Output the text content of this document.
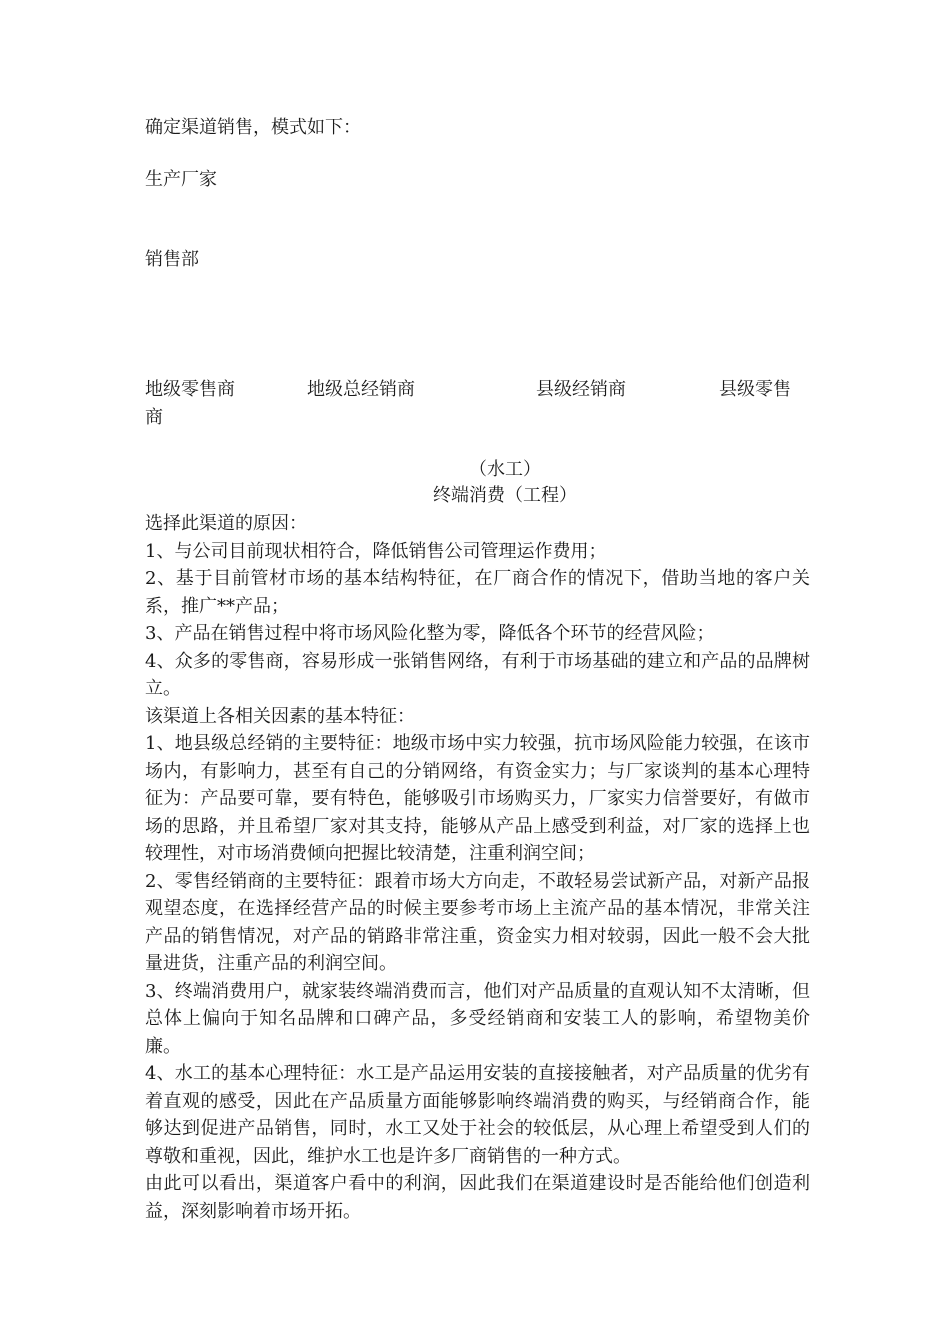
确定渠道销售，模式如下：
生产厂家
销售部
地级零售商	地级总经销商	县级经销商	县级零售
商
（水工）
终端消费（工程）

选择此渠道的原因：

1、与公司目前现状相符合，降低销售公司管理运作费用；

2、基于目前管材市场的基本结构特征，在厂商合作的情况下，借助当地的客户关系，推广**产品；

3、产品在销售过程中将市场风险化整为零，降低各个环节的经营风险；

4、众多的零售商，容易形成一张销售网络，有利于市场基础的建立和产品的品牌树立。

该渠道上各相关因素的基本特征：

1、地县级总经销的主要特征：地级市场中实力较强，抗市场风险能力较强，在该市场内，有影响力，甚至有自己的分销网络，有资金实力；与厂家谈判的基本心理特征为：产品要可靠，要有特色，能够吸引市场购买力，厂家实力信誉要好，有做市场的思路，并且希望厂家对其支持，能够从产品上感受到利益，对厂家的选择上也较理性，对市场消费倾向把握比较清楚，注重利润空间；

2、零售经销商的主要特征：跟着市场大方向走，不敢轻易尝试新产品，对新产品报观望态度，在选择经营产品的时候主要参考市场上主流产品的基本情况，非常关注产品的销售情况，对产品的销路非常注重，资金实力相对较弱，因此一般不会大批量进货，注重产品的利润空间。

3、终端消费用户，就家装终端消费而言，他们对产品质量的直观认知不太清晰，但总体上偏向于知名品牌和口碑产品，多受经销商和安装工人的影响，希望物美价廉。

4、水工的基本心理特征：水工是产品运用安装的直接接触者，对产品质量的优劣有着直观的感受，因此在产品质量方面能够影响终端消费的购买，与经销商合作，能够达到促进产品销售，同时，水工又处于社会的较低层，从心理上希望受到人们的尊敬和重视，因此，维护水工也是许多厂商销售的一种方式。

由此可以看出，渠道客户看中的利润，因此我们在渠道建设时是否能给他们创造利益，深刻影响着市场开拓。
